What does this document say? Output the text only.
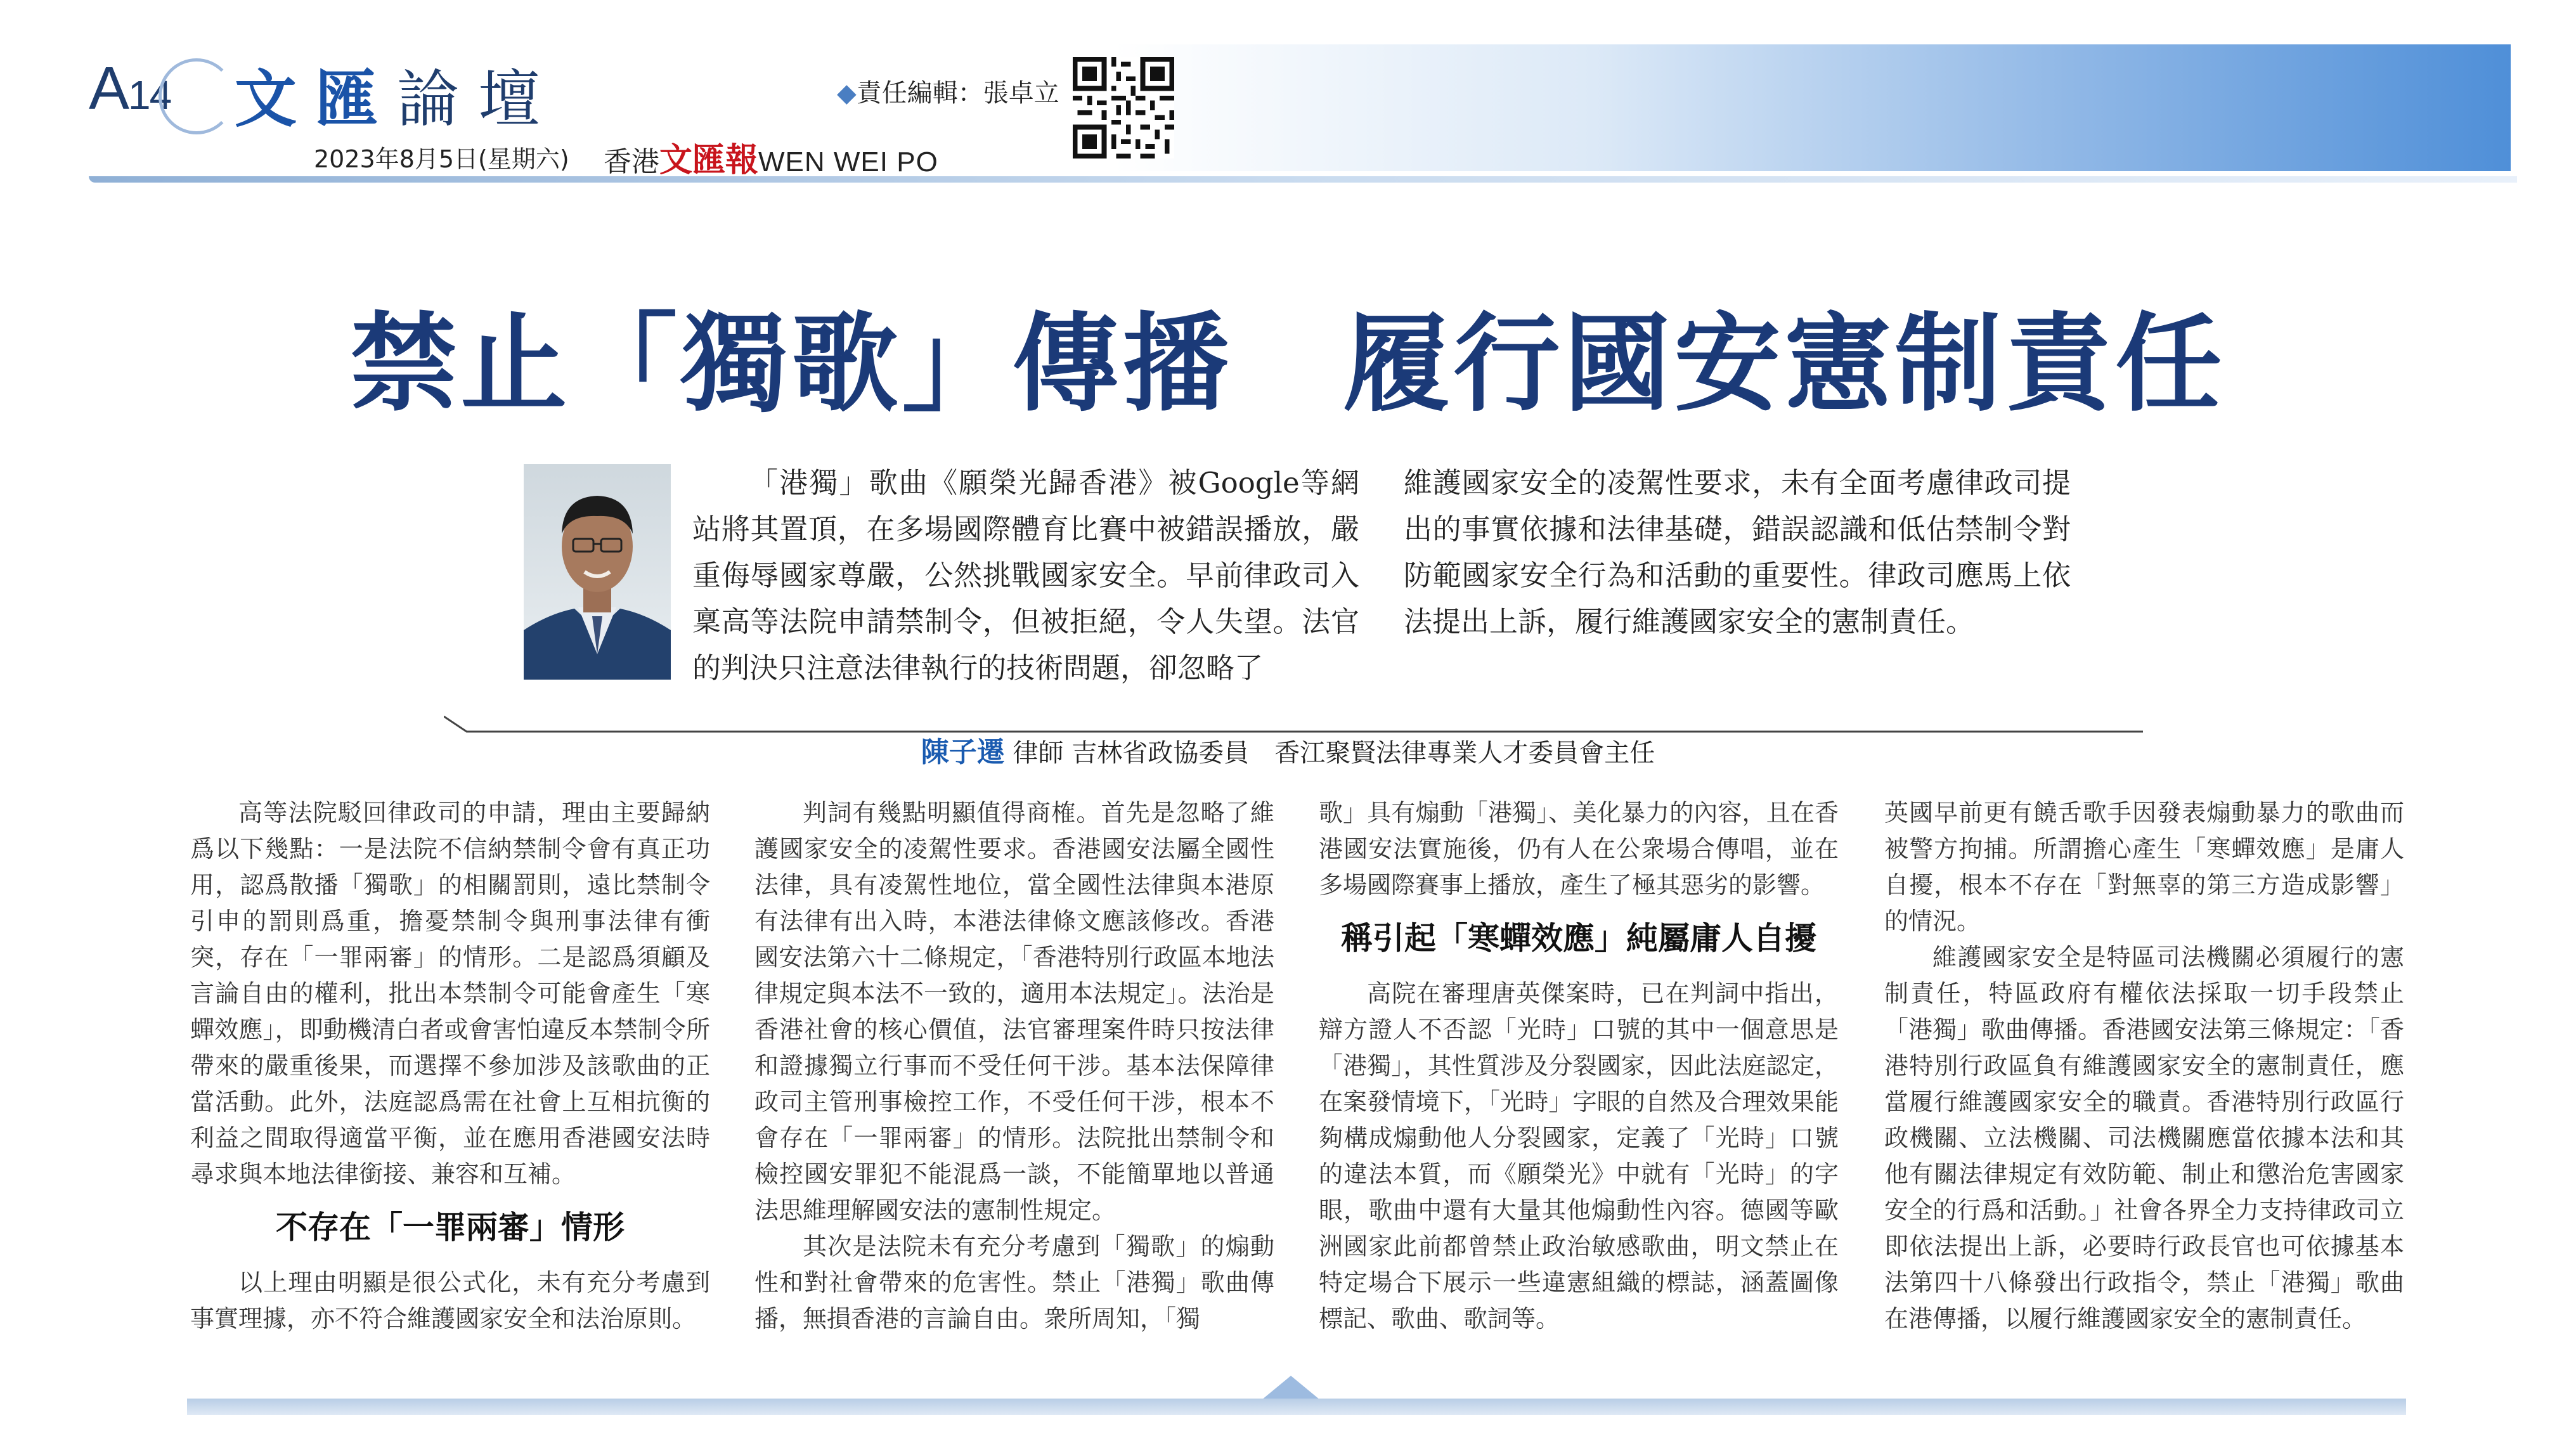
A14 文匯論壇
2023年8月5日(星期六) 香港文匯報WEN WEI PO
◆責任編輯：張卓立
禁止「獨歌」傳播　履行國安憲制責任
「港獨」歌曲《願榮光歸香港》被Google等網站將其置頂，在多場國際體育比賽中被錯誤播放，嚴重侮辱國家尊嚴，公然挑戰國家安全。早前律政司入稟高等法院申請禁制令，但被拒絕，令人失望。法官的判決只注意法律執行的技術問題，卻忽略了
維護國家安全的凌駕性要求，未有全面考慮律政司提出的事實依據和法律基礎，錯誤認識和低估禁制令對防範國家安全行為和活動的重要性。律政司應馬上依法提出上訴，履行維護國家安全的憲制責任。
陳子遷 律師 吉林省政協委員　香江聚賢法律專業人才委員會主任

高等法院駁回律政司的申請，理由主要歸納爲以下幾點：一是法院不信納禁制令會有真正功用，認爲散播「獨歌」的相關罰則，遠比禁制令引申的罰則爲重，擔憂禁制令與刑事法律有衝突，存在「一罪兩審」的情形。二是認爲須顧及言論自由的權利，批出本禁制令可能會產生「寒蟬效應」，即動機清白者或會害怕違反本禁制令所帶來的嚴重後果，而選擇不參加涉及該歌曲的正當活動。此外，法庭認爲需在社會上互相抗衡的利益之間取得適當平衡，並在應用香港國安法時尋求與本地法律銜接、兼容和互補。

不存在「一罪兩審」情形

以上理由明顯是很公式化，未有充分考慮到事實理據，亦不符合維護國家安全和法治原則。

判詞有幾點明顯值得商榷。首先是忽略了維護國家安全的凌駕性要求。香港國安法屬全國性法律，具有凌駕性地位，當全國性法律與本港原有法律有出入時，本港法律條文應該修改。香港國安法第六十二條規定，「香港特別行政區本地法律規定與本法不一致的，適用本法規定」。法治是香港社會的核心價值，法官審理案件時只按法律和證據獨立行事而不受任何干涉。基本法保障律政司主管刑事檢控工作，不受任何干涉，根本不會存在「一罪兩審」的情形。法院批出禁制令和檢控國安罪犯不能混爲一談，不能簡單地以普通法思維理解國安法的憲制性規定。

其次是法院未有充分考慮到「獨歌」的煽動性和對社會帶來的危害性。禁止「港獨」歌曲傳播，無損香港的言論自由。衆所周知，「獨

歌」具有煽動「港獨」、美化暴力的內容，且在香港國安法實施後，仍有人在公衆場合傳唱，並在多場國際賽事上播放，產生了極其惡劣的影響。

稱引起「寒蟬效應」純屬庸人自擾

高院在審理唐英傑案時，已在判詞中指出，辯方證人不否認「光時」口號的其中一個意思是「港獨」，其性質涉及分裂國家，因此法庭認定，在案發情境下，「光時」字眼的自然及合理效果能夠構成煽動他人分裂國家，定義了「光時」口號的違法本質，而《願榮光》中就有「光時」的字眼，歌曲中還有大量其他煽動性內容。德國等歐洲國家此前都曾禁止政治敏感歌曲，明文禁止在特定場合下展示一些違憲組織的標誌，涵蓋圖像標記、歌曲、歌詞等。

英國早前更有饒舌歌手因發表煽動暴力的歌曲而被警方拘捕。所謂擔心產生「寒蟬效應」是庸人自擾，根本不存在「對無辜的第三方造成影響」的情況。

維護國家安全是特區司法機關必須履行的憲制責任，特區政府有權依法採取一切手段禁止「港獨」歌曲傳播。香港國安法第三條規定：「香港特別行政區負有維護國家安全的憲制責任，應當履行維護國家安全的職責。香港特別行政區行政機關、立法機關、司法機關應當依據本法和其他有關法律規定有效防範、制止和懲治危害國家安全的行爲和活動。」社會各界全力支持律政司立即依法提出上訴，必要時行政長官也可依據基本法第四十八條發出行政指令，禁止「港獨」歌曲在港傳播，以履行維護國家安全的憲制責任。
